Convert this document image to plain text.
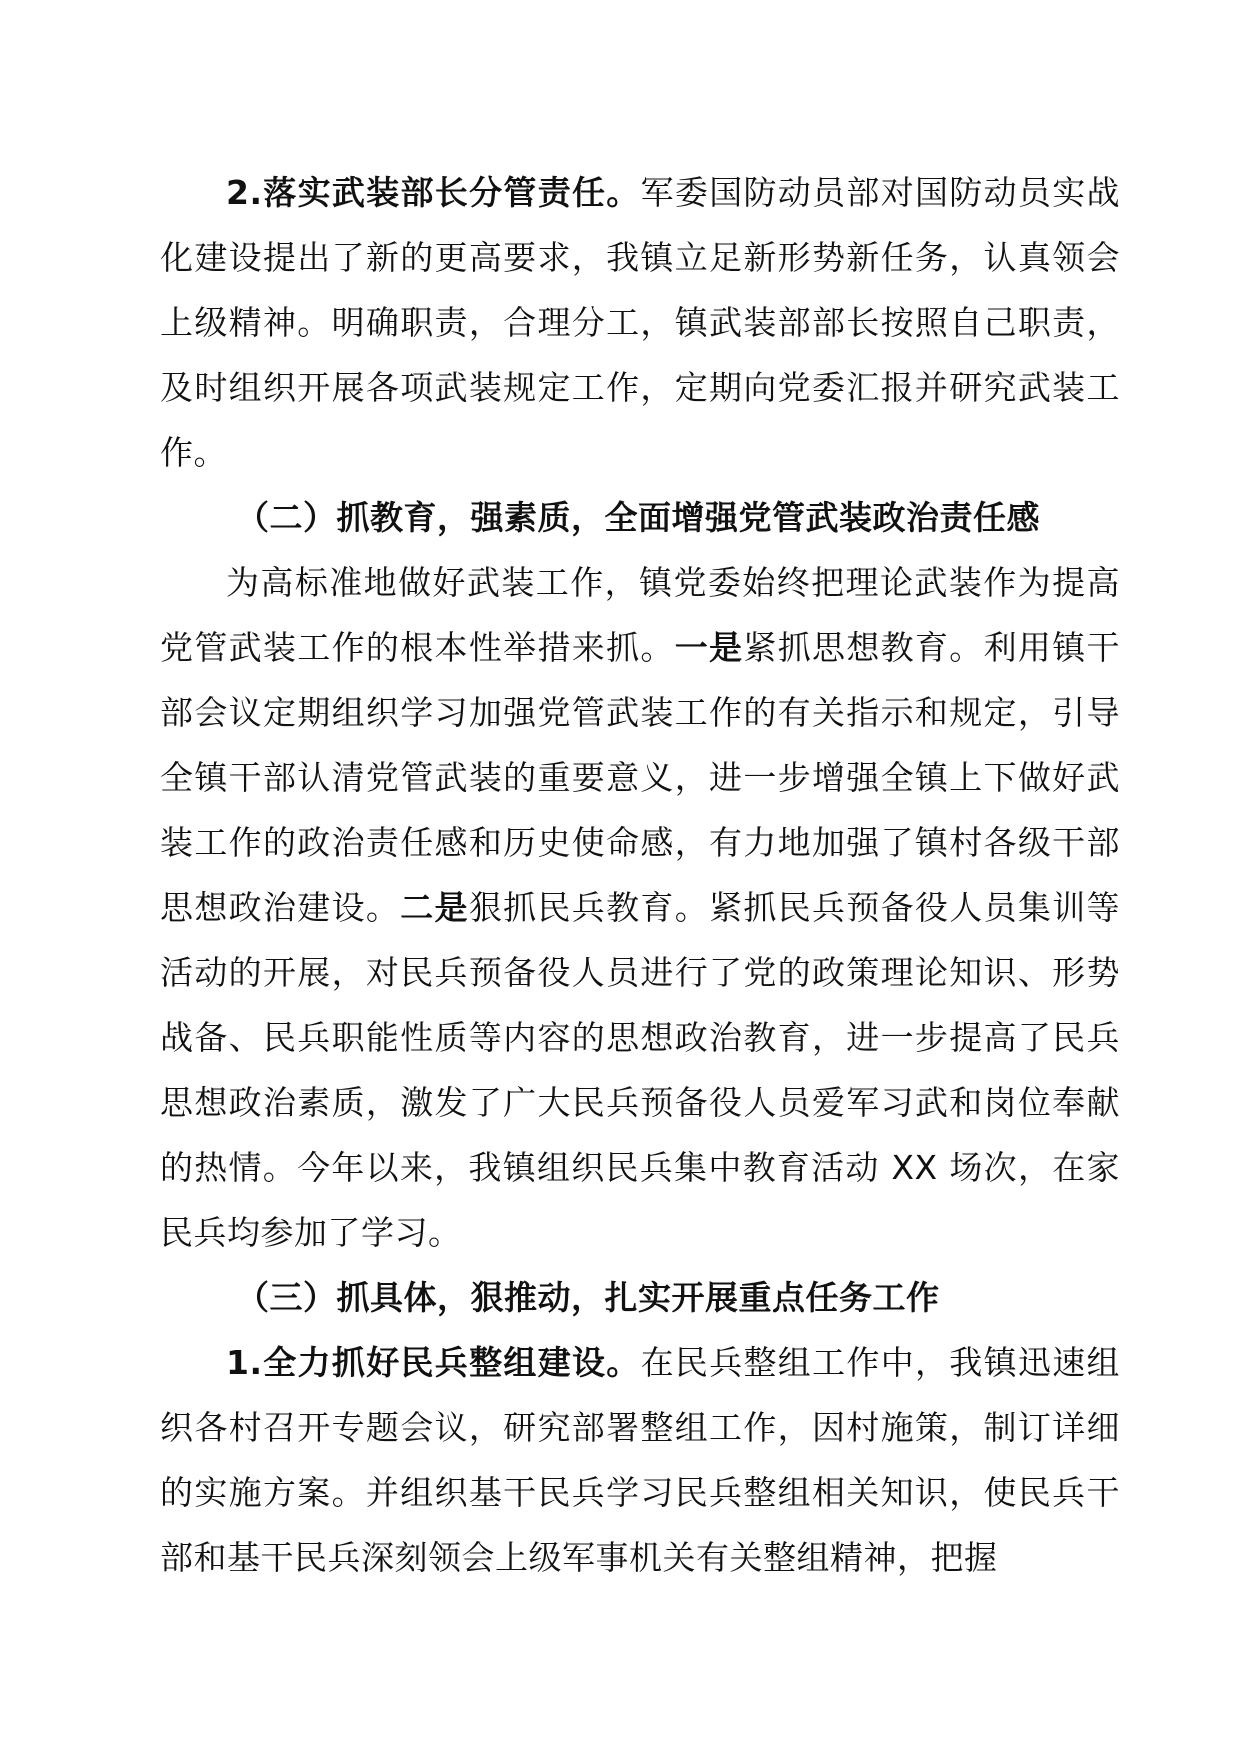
2.落实武装部长分管责任。军委国防动员部对国防动员实战化建设提出了新的更高要求，我镇立足新形势新任务，认真领会上级精神。明确职责，合理分工，镇武装部部长按照自己职责，及时组织开展各项武装规定工作，定期向党委汇报并研究武装工作。

（二）抓教育，强素质，全面增强党管武装政治责任感

为高标准地做好武装工作，镇党委始终把理论武装作为提高党管武装工作的根本性举措来抓。一是紧抓思想教育。利用镇干部会议定期组织学习加强党管武装工作的有关指示和规定，引导全镇干部认清党管武装的重要意义，进一步增强全镇上下做好武装工作的政治责任感和历史使命感，有力地加强了镇村各级干部思想政治建设。二是狠抓民兵教育。紧抓民兵预备役人员集训等活动的开展，对民兵预备役人员进行了党的政策理论知识、形势战备、民兵职能性质等内容的思想政治教育，进一步提高了民兵思想政治素质，激发了广大民兵预备役人员爱军习武和岗位奉献的热情。今年以来，我镇组织民兵集中教育活动 XX 场次，在家民兵均参加了学习。

（三）抓具体，狠推动，扎实开展重点任务工作

1.全力抓好民兵整组建设。在民兵整组工作中，我镇迅速组织各村召开专题会议，研究部署整组工作，因村施策，制订详细的实施方案。并组织基干民兵学习民兵整组相关知识，使民兵干部和基干民兵深刻领会上级军事机关有关整组精神，把握
